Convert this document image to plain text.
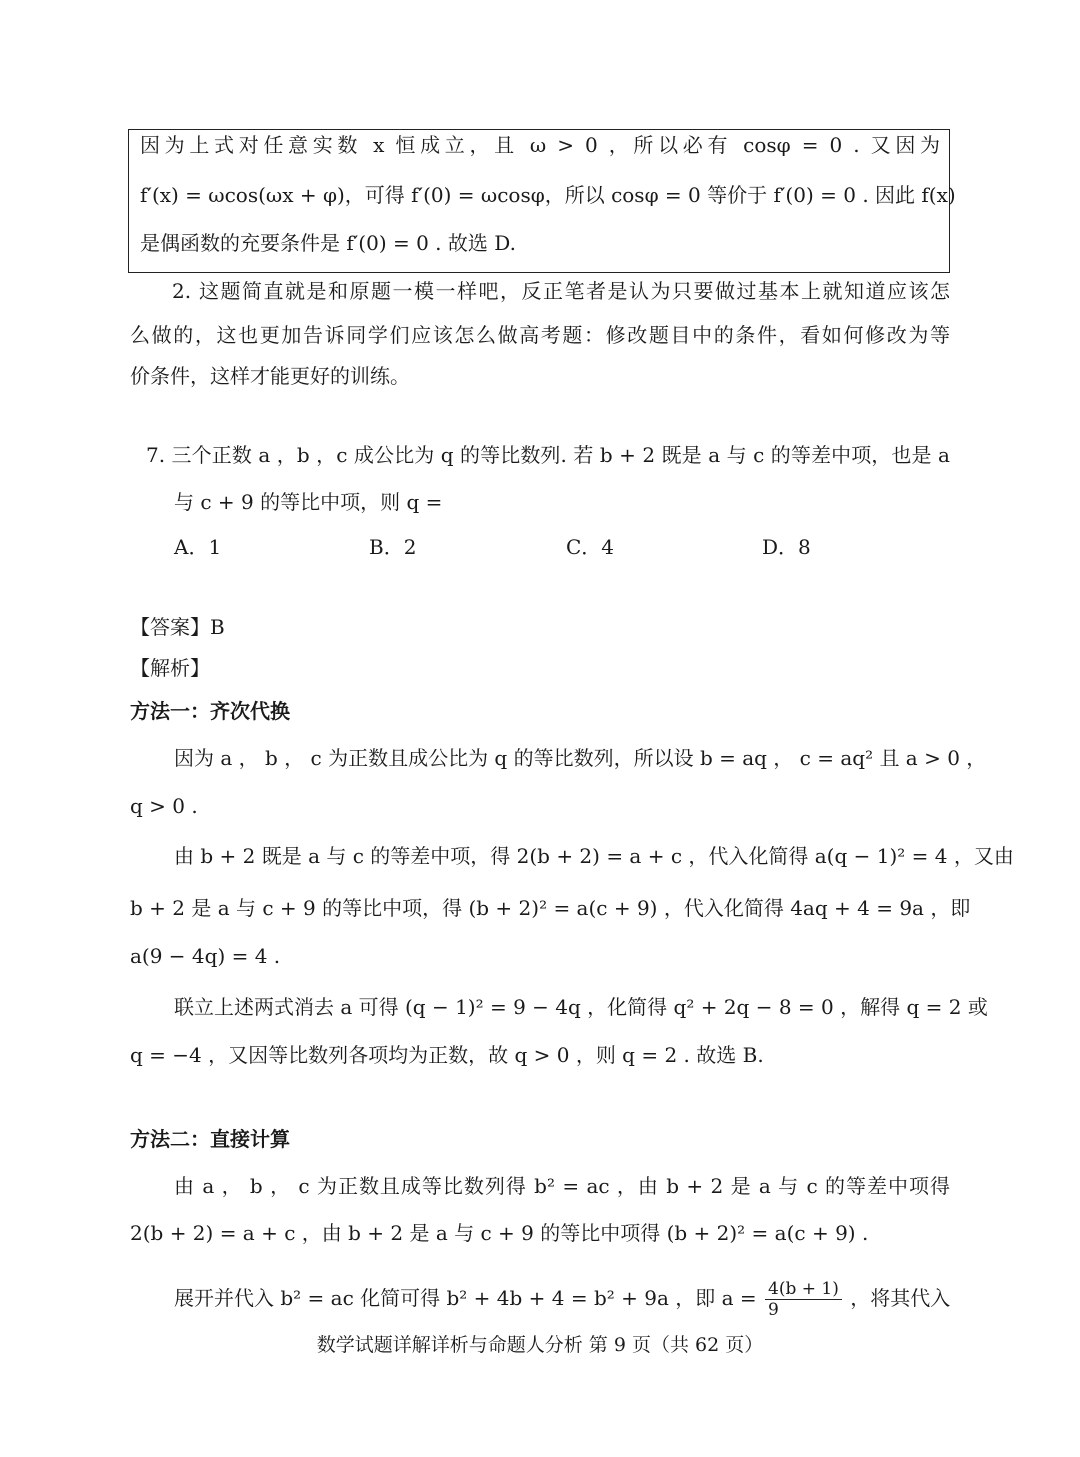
因为上式对任意实数 x 恒成立，且 ω > 0 ，所以必有 cosφ = 0 . 又因为
f′(x) = ωcos(ωx + φ)，可得 f′(0) = ωcosφ，所以 cosφ = 0 等价于 f′(0) = 0 . 因此 f(x)
是偶函数的充要条件是 f′(0) = 0 . 故选 D.
2. 这题简直就是和原题一模一样吧，反正笔者是认为只要做过基本上就知道应该怎
么做的，这也更加告诉同学们应该怎么做高考题：修改题目中的条件，看如何修改为等
价条件，这样才能更好的训练。
7. 三个正数 a ，b ，c 成公比为 q 的等比数列. 若 b + 2 既是 a 与 c 的等差中项，也是 a
与 c + 9 的等比中项，则 q =
A．1	B．2	C．4	D．8
【答案】B
【解析】
方法一：齐次代换
因为 a ， b ， c 为正数且成公比为 q 的等比数列，所以设 b = aq ， c = aq² 且 a > 0 ，
q > 0 .
由 b + 2 既是 a 与 c 的等差中项，得 2(b + 2) = a + c ，代入化简得 a(q − 1)² = 4 ，又由
b + 2 是 a 与 c + 9 的等比中项，得 (b + 2)² = a(c + 9) ，代入化简得 4aq + 4 = 9a ，即
a(9 − 4q) = 4 .
联立上述两式消去 a 可得 (q − 1)² = 9 − 4q ，化简得 q² + 2q − 8 = 0 ，解得 q = 2 或
q = −4 ，又因等比数列各项均为正数，故 q > 0 ，则 q = 2 . 故选 B.
方法二：直接计算
由 a ， b ， c 为正数且成等比数列得 b² = ac ，由 b + 2 是 a 与 c 的等差中项得
2(b + 2) = a + c ，由 b + 2 是 a 与 c + 9 的等比中项得 (b + 2)² = a(c + 9) .
展开并代入 b² = ac 化简可得 b² + 4b + 4 = b² + 9a ，即 $a = \frac{4(b + 1)}{9}$ ，将其代入
数学试题详解详析与命题人分析 第 9 页（共 62 页）
